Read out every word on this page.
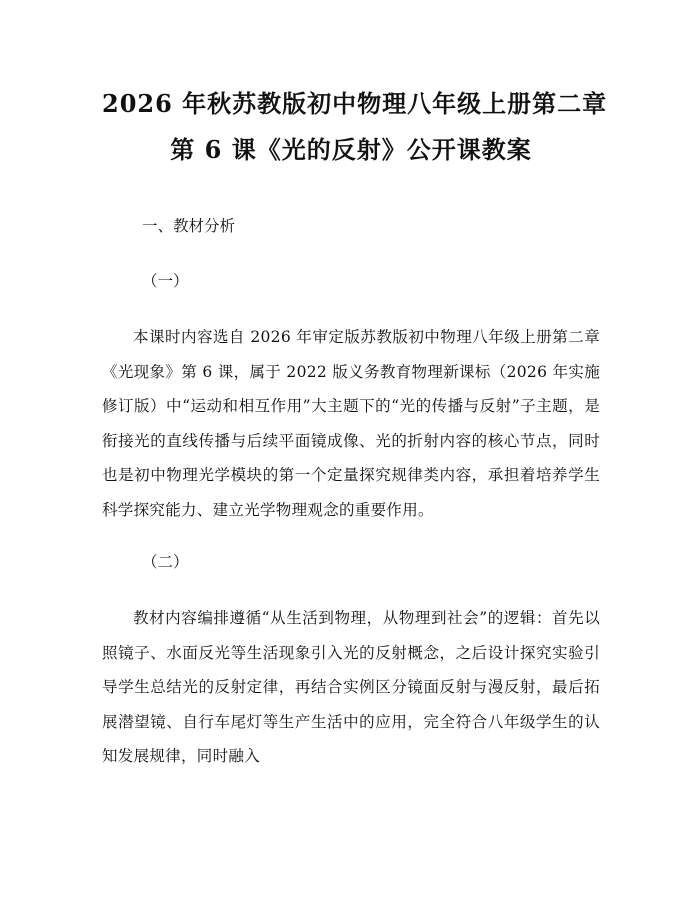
2026 年秋苏教版初中物理八年级上册第二章
第 6 课《光的反射》公开课教案

一、教材分析

（一）

本课时内容选自 2026 年审定版苏教版初中物理八年级上册第二章《光现象》第 6 课，属于 2022 版义务教育物理新课标（2026 年实施修订版）中“运动和相互作用”大主题下的“光的传播与反射”子主题，是衔接光的直线传播与后续平面镜成像、光的折射内容的核心节点，同时也是初中物理光学模块的第一个定量探究规律类内容，承担着培养学生科学探究能力、建立光学物理观念的重要作用。

（二）

教材内容编排遵循“从生活到物理，从物理到社会”的逻辑：首先以照镜子、水面反光等生活现象引入光的反射概念，之后设计探究实验引导学生总结光的反射定律，再结合实例区分镜面反射与漫反射，最后拓展潜望镜、自行车尾灯等生产生活中的应用，完全符合八年级学生的认知发展规律，同时融入
